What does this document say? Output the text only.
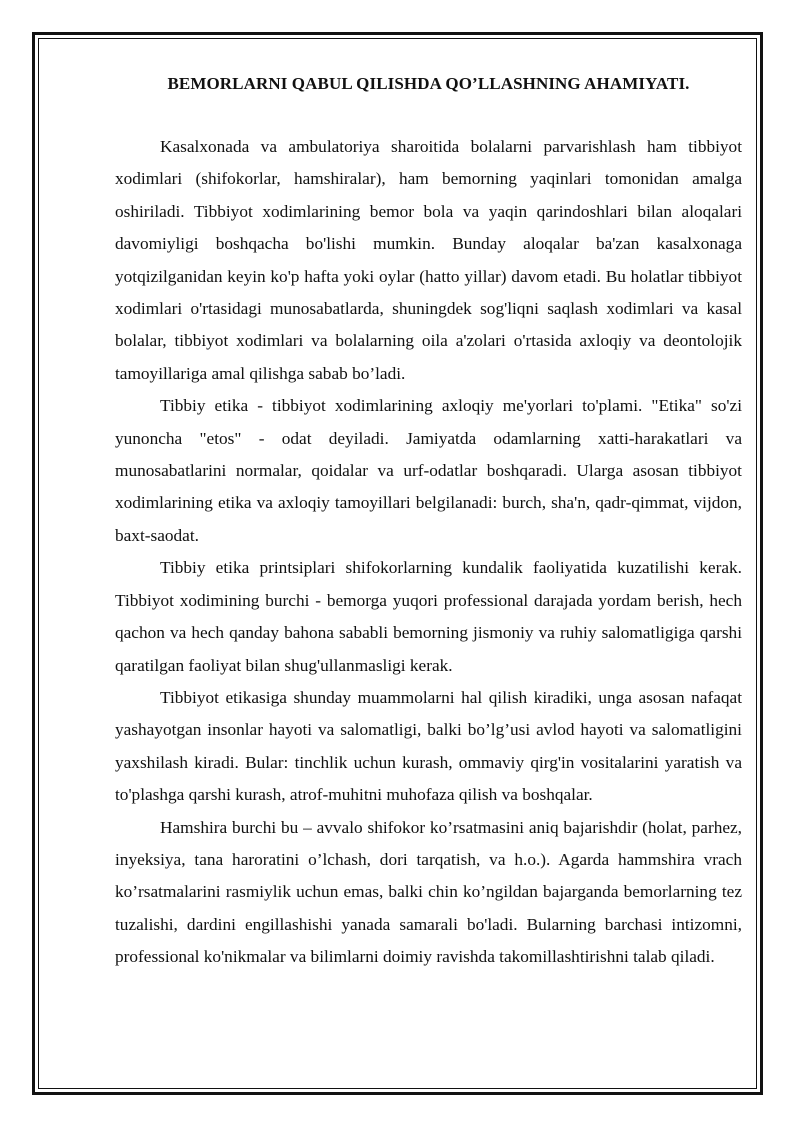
BEMORLARNI QABUL QILISHDA QO’LLASHNING AHAMIYATI.

Kasalxonada va ambulatoriya sharoitida bolalarni parvarishlash ham tibbiyot xodimlari (shifokorlar, hamshiralar), ham bemorning yaqinlari tomonidan amalga oshiriladi. Tibbiyot xodimlarining bemor bola va yaqin qarindoshlari bilan aloqalari davomiyligi boshqacha bo'lishi mumkin. Bunday aloqalar ba'zan kasalxonaga yotqizilganidan keyin ko'p hafta yoki oylar (hatto yillar) davom etadi. Bu holatlar tibbiyot xodimlari o'rtasidagi munosabatlarda, shuningdek sog'liqni saqlash xodimlari va kasal bolalar, tibbiyot xodimlari va bolalarning oila a'zolari o'rtasida axloqiy va deontolojik tamoyillariga amal qilishga sabab bo’ladi.

Tibbiy etika - tibbiyot xodimlarining axloqiy me'yorlari to'plami. "Etika" so'zi yunoncha "etos" - odat deyiladi. Jamiyatda odamlarning xatti-harakatlari va munosabatlarini normalar, qoidalar va urf-odatlar boshqaradi. Ularga asosan tibbiyot xodimlarining etika va axloqiy tamoyillari belgilanadi: burch, sha'n, qadr-qimmat, vijdon, baxt-saodat.

Tibbiy etika printsiplari shifokorlarning kundalik faoliyatida kuzatilishi kerak. Tibbiyot xodimining burchi - bemorga yuqori professional darajada yordam berish, hech qachon va hech qanday bahona sababli bemorning jismoniy va ruhiy salomatligiga qarshi qaratilgan faoliyat bilan shug'ullanmasligi kerak.

Tibbiyot etikasiga shunday muammolarni hal qilish kiradiki, unga asosan nafaqat yashayotgan insonlar hayoti va salomatligi, balki bo’lg’usi avlod hayoti va salomatligini yaxshilash kiradi. Bular: tinchlik uchun kurash, ommaviy qirg'in vositalarini yaratish va to'plashga qarshi kurash, atrof-muhitni muhofaza qilish va boshqalar.

Hamshira burchi bu – avvalo shifokor ko’rsatmasini aniq bajarishdir (holat, parhez, inyeksiya, tana haroratini o’lchash, dori tarqatish, va h.o.). Agarda hammshira vrach ko’rsatmalarini rasmiylik uchun emas, balki chin ko’ngildan bajarganda bemorlarning tez tuzalishi, dardini engillashishi yanada samarali bo'ladi. Bularning barchasi intizomni, professional ko'nikmalar va bilimlarni doimiy ravishda takomillashtirishni talab qiladi.
